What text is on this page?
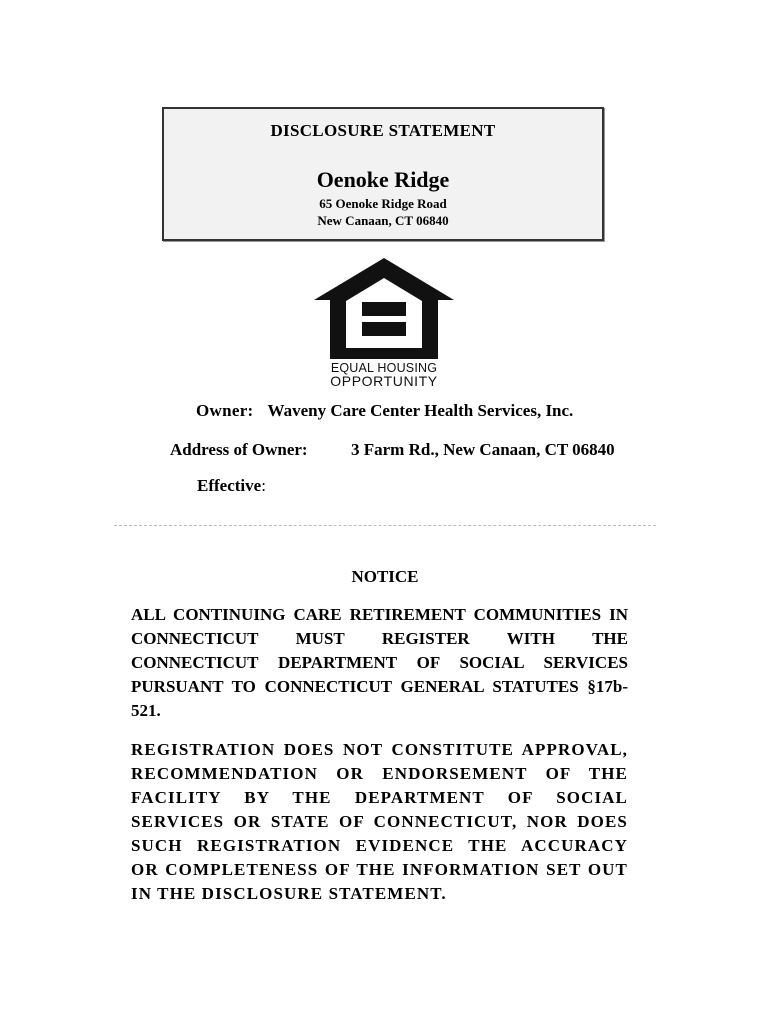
DISCLOSURE STATEMENT
Oenoke Ridge
65 Oenoke Ridge Road
New Canaan, CT 06840
EQUAL HOUSING
OPPORTUNITY
Owner: Waveny Care Center Health Services, Inc.
Address of Owner:	3 Farm Rd., New Canaan, CT 06840
Effective:
NOTICE
ALL CONTINUING CARE RETIREMENT COMMUNITIES IN
CONNECTICUT MUST REGISTER WITH THE
CONNECTICUT DEPARTMENT OF SOCIAL SERVICES
PURSUANT TO CONNECTICUT GENERAL STATUTES §17b-
521.
REGISTRATION DOES NOT CONSTITUTE APPROVAL,
RECOMMENDATION OR ENDORSEMENT OF THE
FACILITY BY THE DEPARTMENT OF SOCIAL
SERVICES OR STATE OF CONNECTICUT, NOR DOES
SUCH REGISTRATION EVIDENCE THE ACCURACY
OR COMPLETENESS OF THE INFORMATION SET OUT
IN THE DISCLOSURE STATEMENT.
